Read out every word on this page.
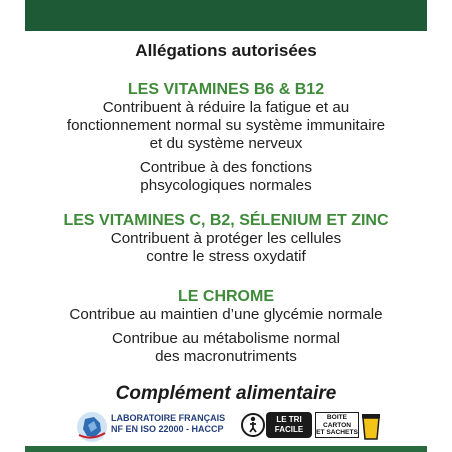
Allégations autorisées
LES VITAMINES B6 & B12
Contribuent à réduire la fatigue et au
fonctionnement normal su système immunitaire
et du système nerveux
Contribue à des fonctions
phsycologiques normales
LES VITAMINES C, B2, SÉLENIUM ET ZINC
Contribuent à protéger les cellules
contre le stress oxydatif
LE CHROME
Contribue au maintien d’une glycémie normale
Contribue au métabolisme normal
des macronutriments
Complément alimentaire
LABORATOIRE FRANÇAIS
NF EN ISO 22000 - HACCP
LE TRI
FACILE
BOITE
CARTON
ET SACHETS
